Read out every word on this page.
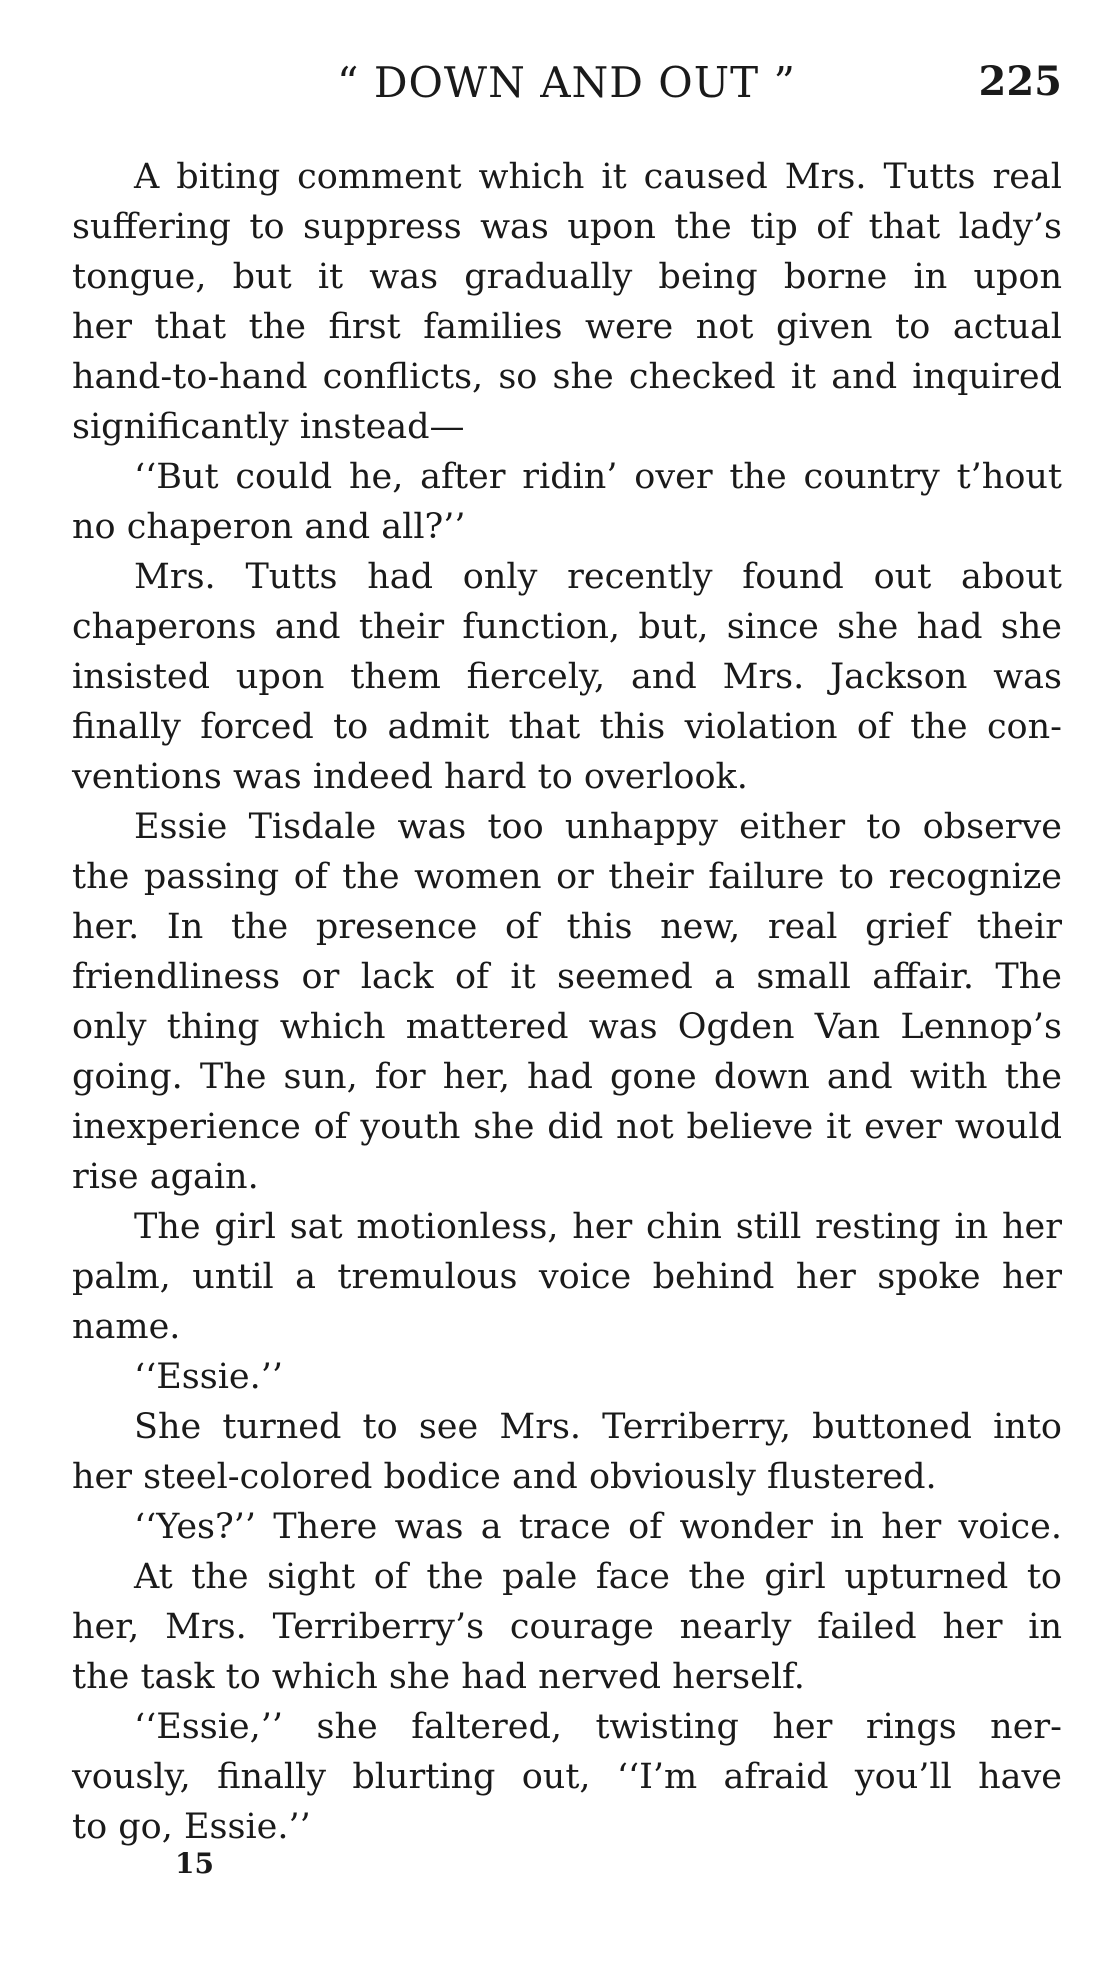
“ DOWN AND OUT ”	225
A biting comment which it caused Mrs. Tutts real
suffering to suppress was upon the tip of that lady’s
tongue, but it was gradually being borne in upon
her that the first families were not given to actual
hand-to-hand conflicts, so she checked it and inquired
significantly instead—
‘‘But could he, after ridin’ over the country t’hout
no chaperon and all?’’
Mrs. Tutts had only recently found out about
chaperons and their function, but, since she had she
insisted upon them fiercely, and Mrs. Jackson was
finally forced to admit that this violation of the con-
ventions was indeed hard to overlook.
Essie Tisdale was too unhappy either to observe
the passing of the women or their failure to recognize
her. In the presence of this new, real grief their
friendliness or lack of it seemed a small affair. The
only thing which mattered was Ogden Van Lennop’s
going. The sun, for her, had gone down and with the
inexperience of youth she did not believe it ever would
rise again.
The girl sat motionless, her chin still resting in her
palm, until a tremulous voice behind her spoke her
name.
‘‘Essie.’’
She turned to see Mrs. Terriberry, buttoned into
her steel-colored bodice and obviously flustered.
‘‘Yes?’’ There was a trace of wonder in her voice.
At the sight of the pale face the girl upturned to
her, Mrs. Terriberry’s courage nearly failed her in
the task to which she had nerved herself.
‘‘Essie,’’ she faltered, twisting her rings ner-
vously, finally blurting out, ‘‘I’m afraid you’ll have
to go, Essie.’’
15
